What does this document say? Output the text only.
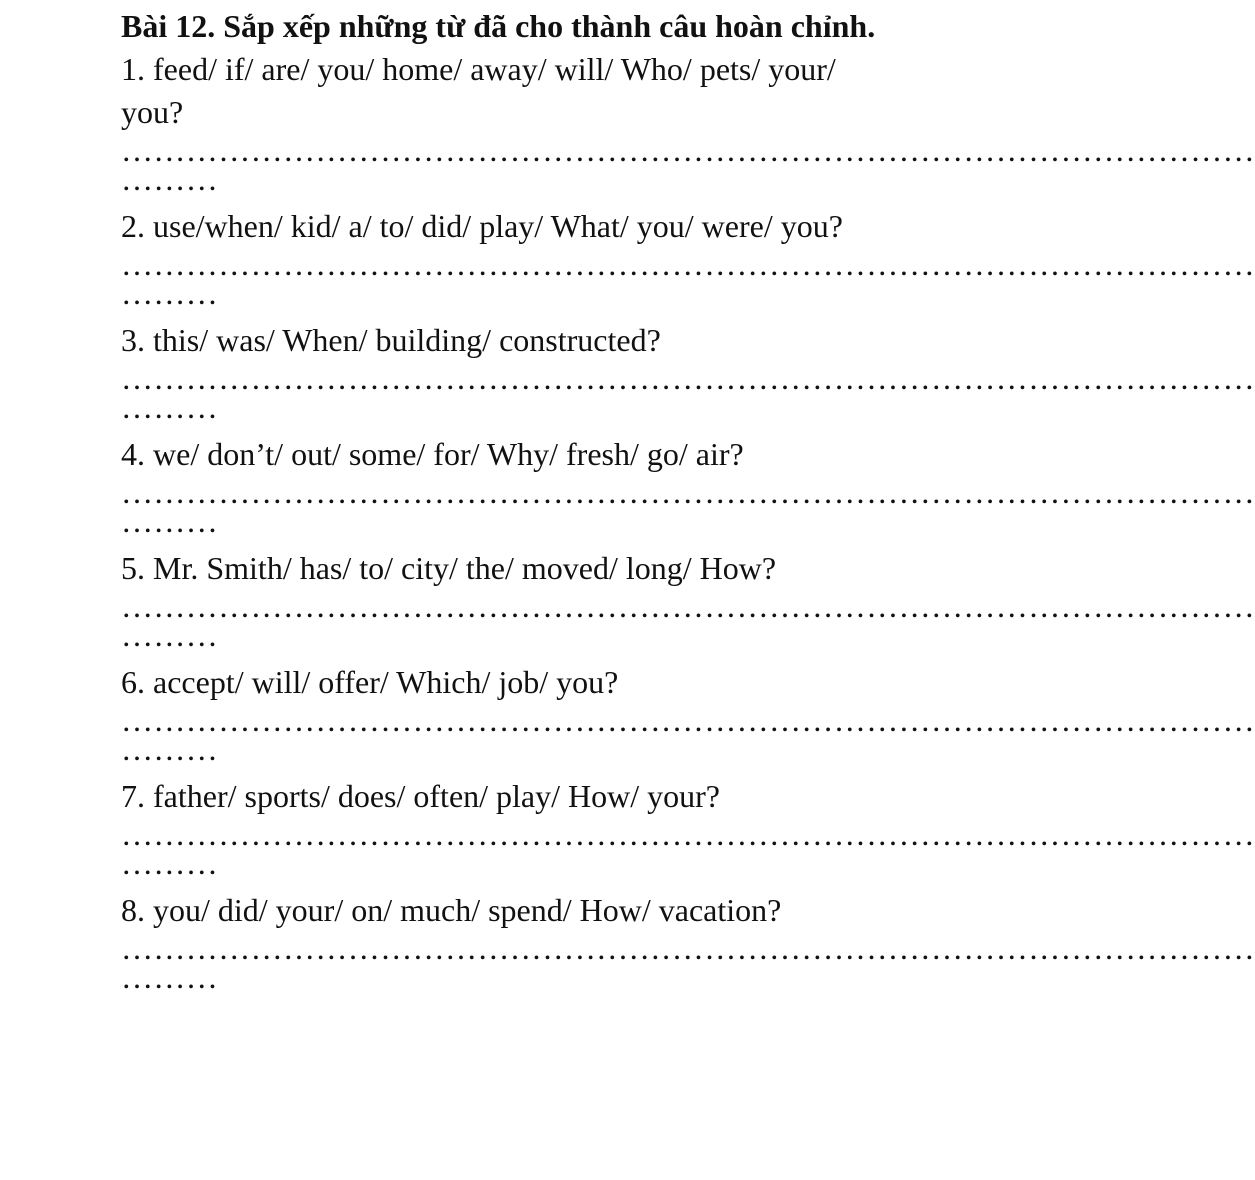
Bài 12. Sắp xếp những từ đã cho thành câu hoàn chỉnh.

1. feed/ if/ are/ you/ home/ away/ will/ Who/ pets/ your/ you?

……………………………………………………………………………………………

………

2. use/when/ kid/ a/ to/ did/ play/ What/ you/ were/ you?

……………………………………………………………………………………………

………

3. this/ was/ When/ building/ constructed?

……………………………………………………………………………………………

………

4. we/ don’t/ out/ some/ for/ Why/ fresh/ go/ air?

……………………………………………………………………………………………

………

5. Mr. Smith/ has/ to/ city/ the/ moved/ long/ How?

……………………………………………………………………………………………

………

6. accept/ will/ offer/ Which/ job/ you?

……………………………………………………………………………………………

………

7. father/ sports/ does/ often/ play/ How/ your?

……………………………………………………………………………………………

………

8. you/ did/ your/ on/ much/ spend/ How/ vacation?

……………………………………………………………………………………………

………
